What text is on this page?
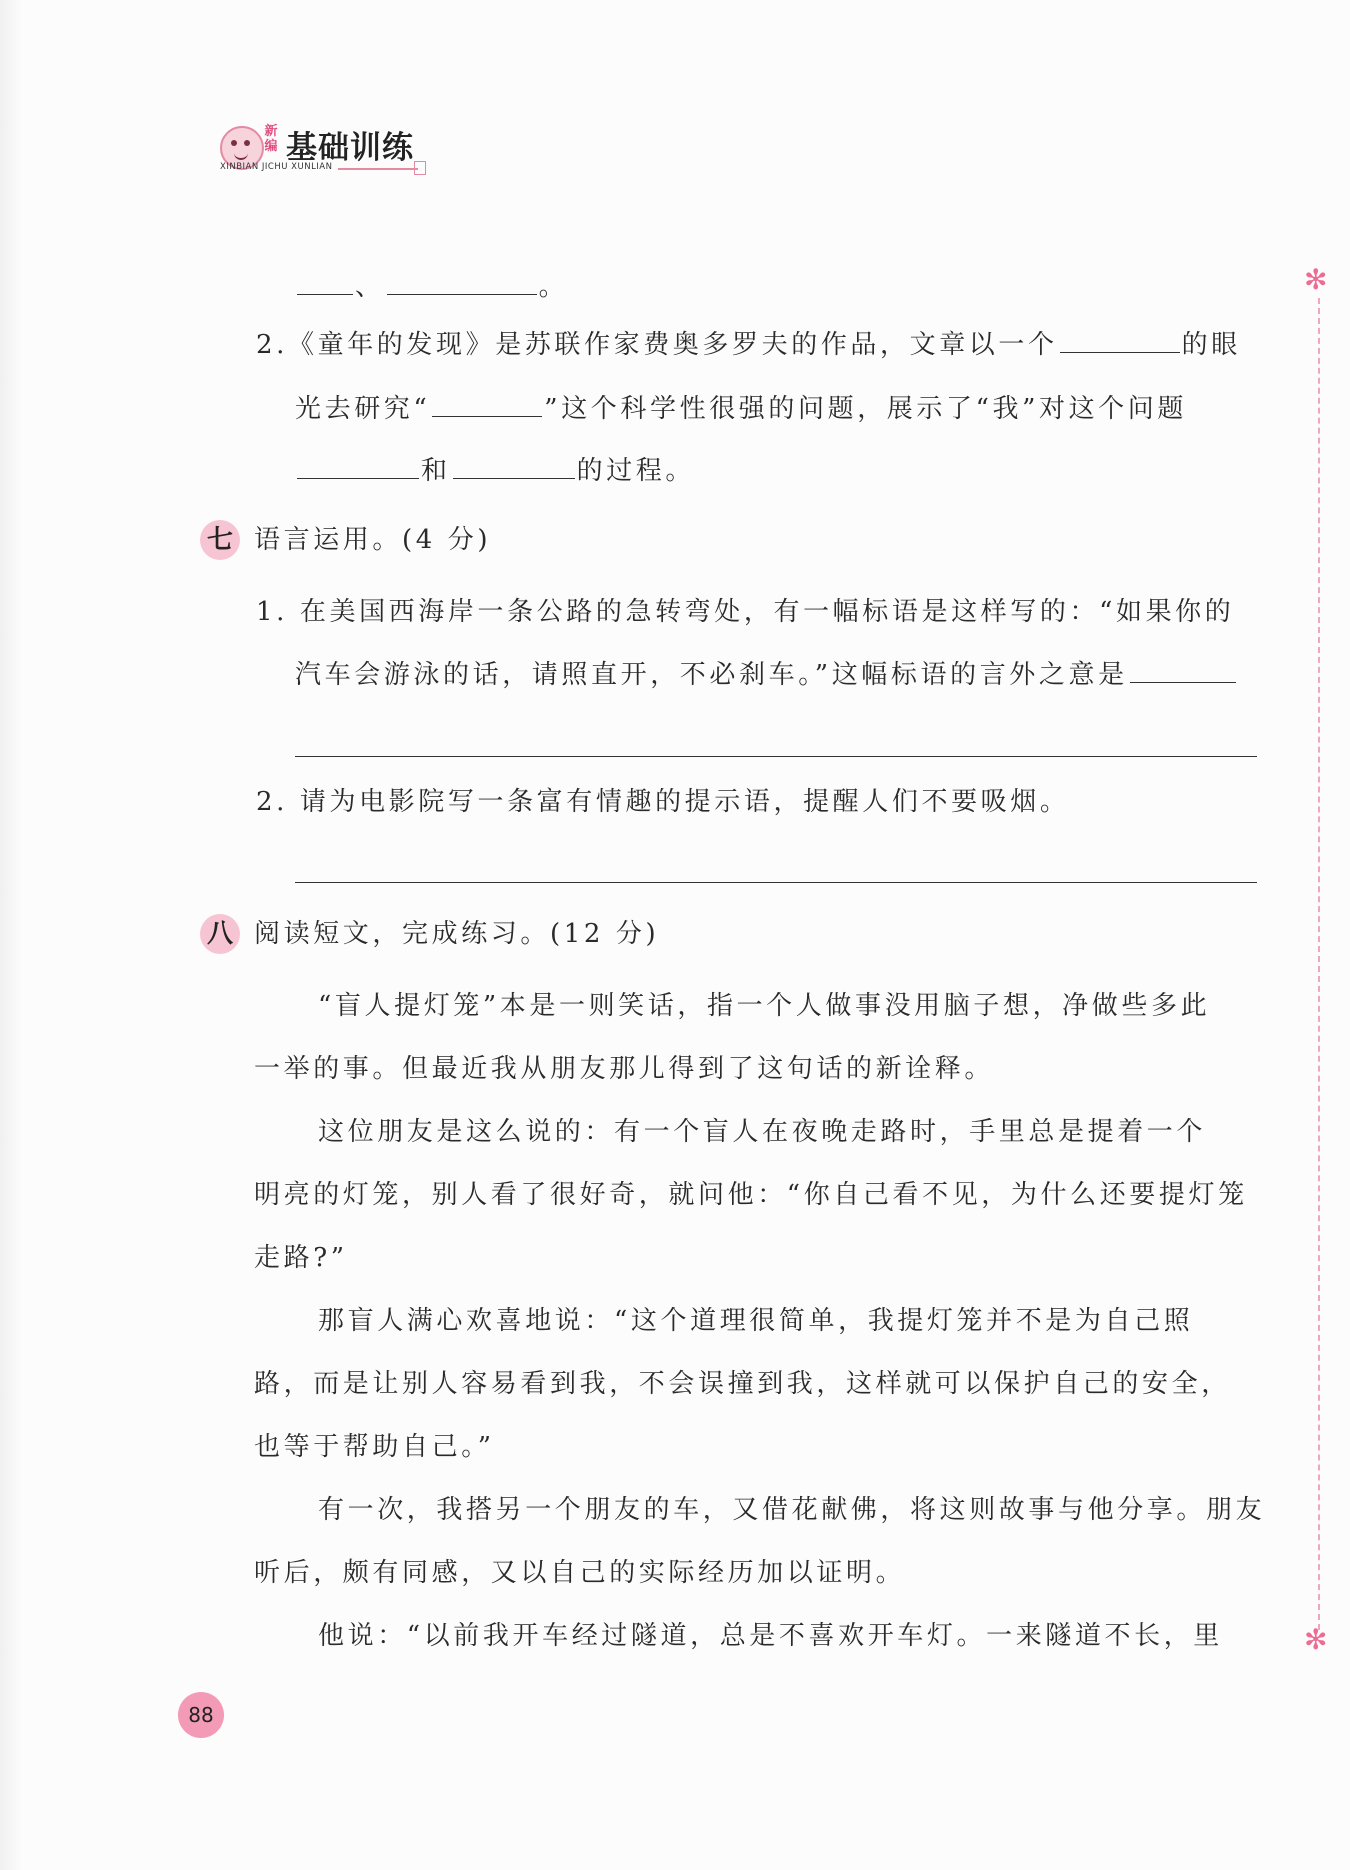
新编 基础训练
XINBIAN JICHU XUNLIAN
✻
✻
、	。
2.《童年的发现》是苏联作家费奥多罗夫的作品，文章以一个	的眼
光去研究“	”这个科学性很强的问题，展示了“我”对这个问题
和	的过程。
七 语言运用。(4 分)
1. 在美国西海岸一条公路的急转弯处，有一幅标语是这样写的：“如果你的
汽车会游泳的话，请照直开，不必刹车。”这幅标语的言外之意是
2. 请为电影院写一条富有情趣的提示语，提醒人们不要吸烟。
八 阅读短文，完成练习。(12 分)
“盲人提灯笼”本是一则笑话，指一个人做事没用脑子想，净做些多此
一举的事。但最近我从朋友那儿得到了这句话的新诠释。
这位朋友是这么说的：有一个盲人在夜晚走路时，手里总是提着一个
明亮的灯笼，别人看了很好奇，就问他：“你自己看不见，为什么还要提灯笼
走路?”
那盲人满心欢喜地说：“这个道理很简单，我提灯笼并不是为自己照
路，而是让别人容易看到我，不会误撞到我，这样就可以保护自己的安全，
也等于帮助自己。”
有一次，我搭另一个朋友的车，又借花献佛，将这则故事与他分享。朋友
听后，颇有同感，又以自己的实际经历加以证明。
他说：“以前我开车经过隧道，总是不喜欢开车灯。一来隧道不长，里
88
